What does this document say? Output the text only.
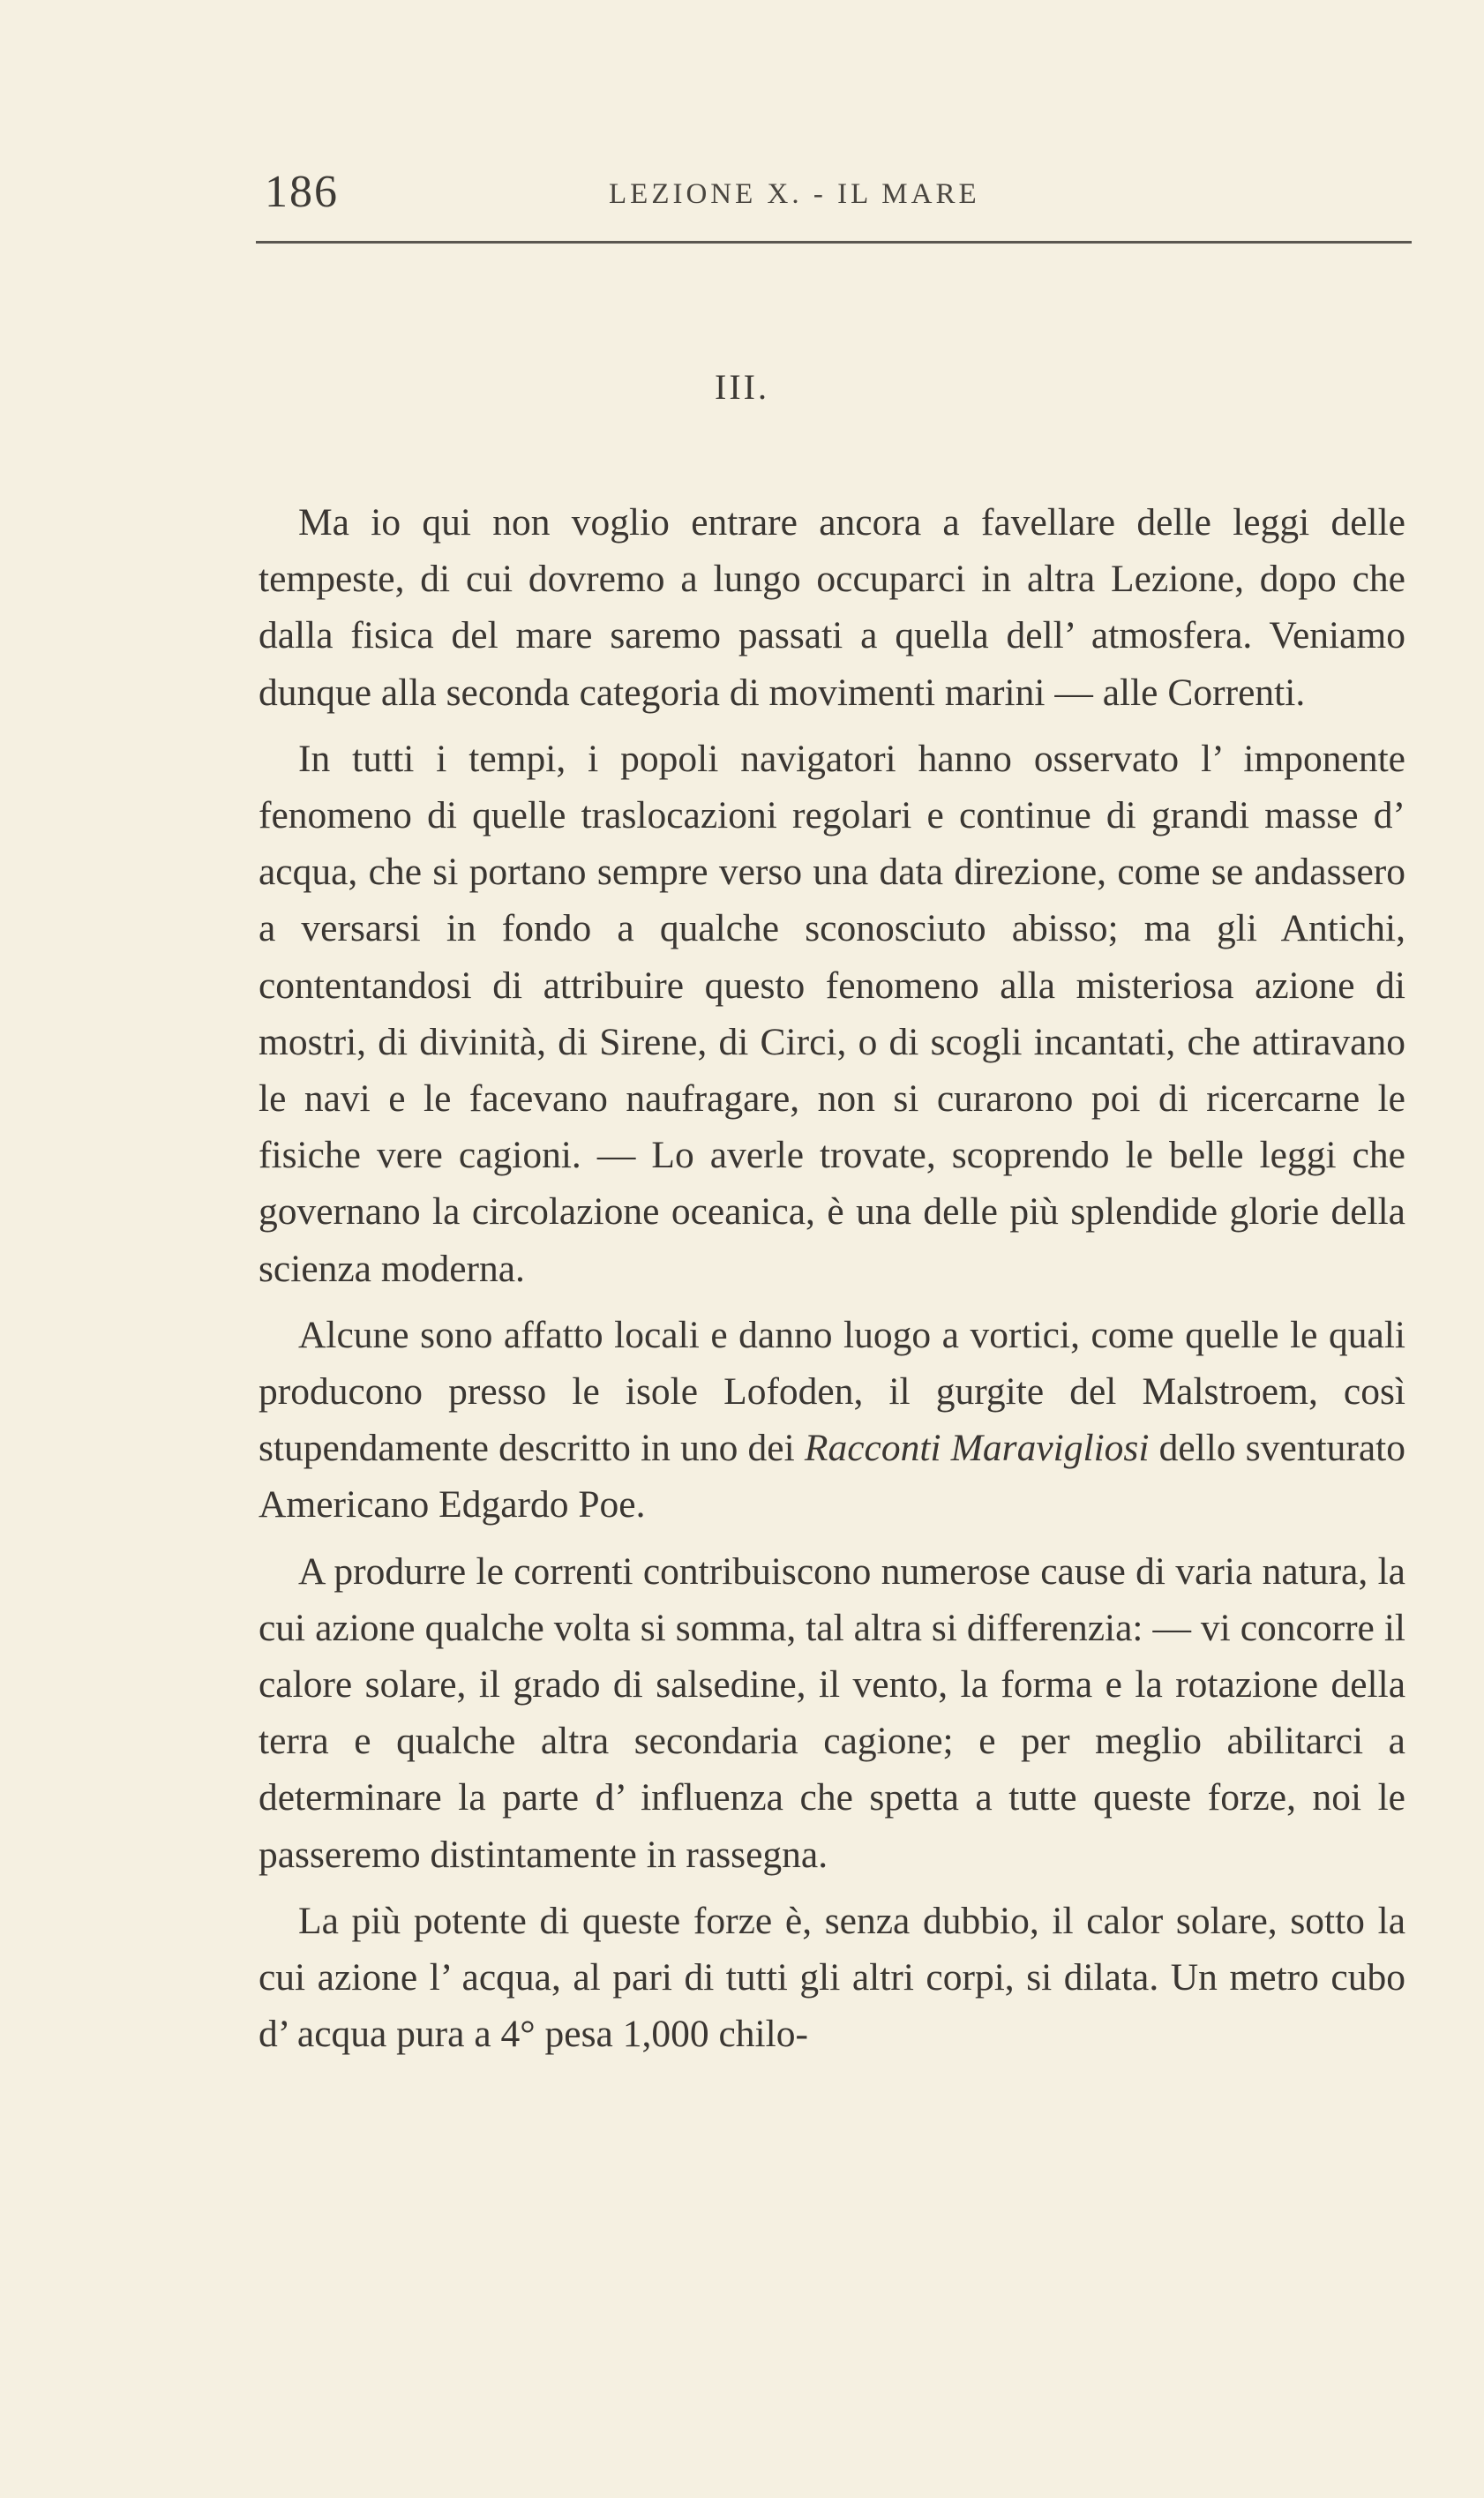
186	LEZIONE X. - IL MARE
III.

Ma io qui non voglio entrare ancora a favellare delle leggi delle tempeste, di cui dovremo a lungo occuparci in altra Lezione, dopo che dalla fisica del mare saremo passati a quella dell’ atmosfera. Veniamo dunque alla seconda categoria di movimenti marini — alle Correnti.

In tutti i tempi, i popoli navigatori hanno osservato l’ imponente fenomeno di quelle traslocazioni regolari e continue di grandi masse d’ acqua, che si portano sempre verso una data direzione, come se andassero a versarsi in fondo a qualche sconosciuto abisso; ma gli Antichi, contentandosi di attribuire questo fenomeno alla misteriosa azione di mostri, di divinità, di Sirene, di Circi, o di scogli incantati, che attiravano le navi e le facevano naufragare, non si curarono poi di ricercarne le fisiche vere cagioni. — Lo averle trovate, scoprendo le belle leggi che governano la circolazione oceanica, è una delle più splendide glorie della scienza moderna.

Alcune sono affatto locali e danno luogo a vortici, come quelle le quali producono presso le isole Lofoden, il gurgite del Malstroem, così stupendamente descritto in uno dei Racconti Maravigliosi dello sventurato Americano Edgardo Poe.

A produrre le correnti contribuiscono numerose cause di varia natura, la cui azione qualche volta si somma, tal altra si differenzia: — vi concorre il calore solare, il grado di salsedine, il vento, la forma e la rotazione della terra e qualche altra secondaria cagione; e per meglio abilitarci a determinare la parte d’ influenza che spetta a tutte queste forze, noi le passeremo distintamente in rassegna.

La più potente di queste forze è, senza dubbio, il calor solare, sotto la cui azione l’ acqua, al pari di tutti gli altri corpi, si dilata. Un metro cubo d’ acqua pura a 4° pesa 1,000 chilo-
